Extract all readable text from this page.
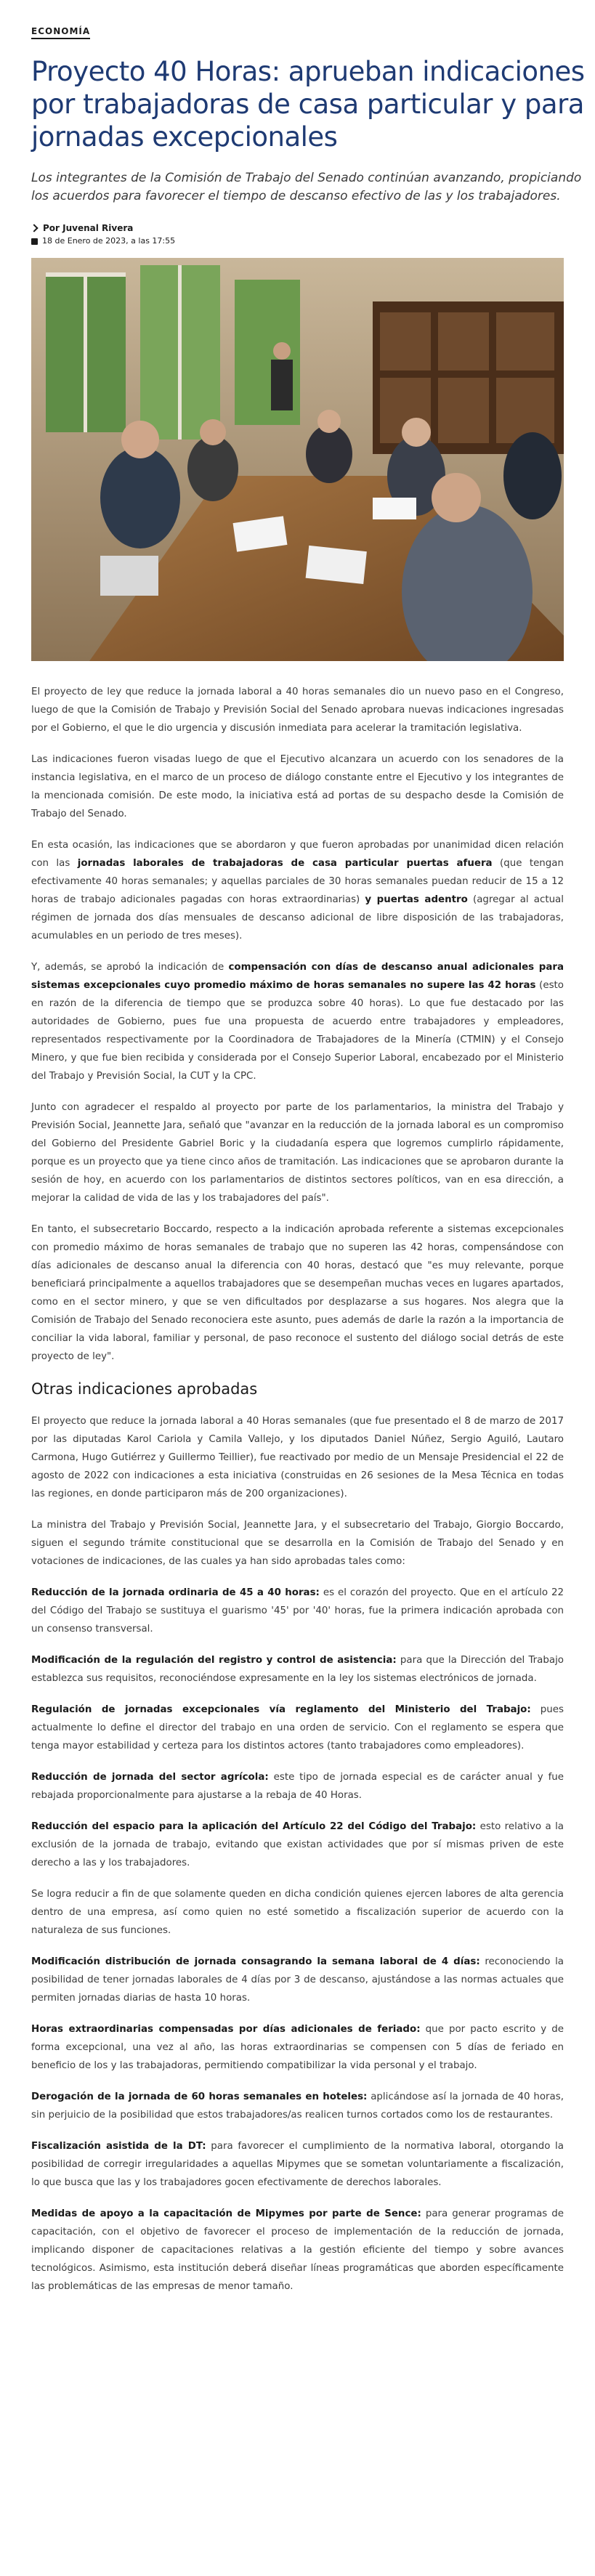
ECONOMÍA
Proyecto 40 Horas: aprueban indicaciones por trabajadoras de casa particular y para jornadas excepcionales

Los integrantes de la Comisión de Trabajo del Senado continúan avanzando, propiciando los acuerdos para favorecer el tiempo de descanso efectivo de las y los trabajadores.

Por Juvenal Rivera
18 de Enero de 2023, a las 17:55

El proyecto de ley que reduce la jornada laboral a 40 horas semanales dio un nuevo paso en el Congreso, luego de que la Comisión de Trabajo y Previsión Social del Senado aprobara nuevas indicaciones ingresadas por el Gobierno, el que le dio urgencia y discusión inmediata para acelerar la tramitación legislativa.

Las indicaciones fueron visadas luego de que el Ejecutivo alcanzara un acuerdo con los senadores de la instancia legislativa, en el marco de un proceso de diálogo constante entre el Ejecutivo y los integrantes de la mencionada comisión. De este modo, la iniciativa está ad portas de su despacho desde la Comisión de Trabajo del Senado.

En esta ocasión, las indicaciones que se abordaron y que fueron aprobadas por unanimidad dicen relación con las jornadas laborales de trabajadoras de casa particular puertas afuera (que tengan efectivamente 40 horas semanales; y aquellas parciales de 30 horas semanales puedan reducir de 15 a 12 horas de trabajo adicionales pagadas con horas extraordinarias) y puertas adentro (agregar al actual régimen de jornada dos días mensuales de descanso adicional de libre disposición de las trabajadoras, acumulables en un periodo de tres meses).

Y, además, se aprobó la indicación de compensación con días de descanso anual adicionales para sistemas excepcionales cuyo promedio máximo de horas semanales no supere las 42 horas (esto en razón de la diferencia de tiempo que se produzca sobre 40 horas). Lo que fue destacado por las autoridades de Gobierno, pues fue una propuesta de acuerdo entre trabajadores y empleadores, representados respectivamente por la Coordinadora de Trabajadores de la Minería (CTMIN) y el Consejo Minero, y que fue bien recibida y considerada por el Consejo Superior Laboral, encabezado por el Ministerio del Trabajo y Previsión Social, la CUT y la CPC.

Junto con agradecer el respaldo al proyecto por parte de los parlamentarios, la ministra del Trabajo y Previsión Social, Jeannette Jara, señaló que "avanzar en la reducción de la jornada laboral es un compromiso del Gobierno del Presidente Gabriel Boric y la ciudadanía espera que logremos cumplirlo rápidamente, porque es un proyecto que ya tiene cinco años de tramitación. Las indicaciones que se aprobaron durante la sesión de hoy, en acuerdo con los parlamentarios de distintos sectores políticos, van en esa dirección, a mejorar la calidad de vida de las y los trabajadores del país".

En tanto, el subsecretario Boccardo, respecto a la indicación aprobada referente a sistemas excepcionales con promedio máximo de horas semanales de trabajo que no superen las 42 horas, compensándose con días adicionales de descanso anual la diferencia con 40 horas, destacó que "es muy relevante, porque beneficiará principalmente a aquellos trabajadores que se desempeñan muchas veces en lugares apartados, como en el sector minero, y que se ven dificultados por desplazarse a sus hogares. Nos alegra que la Comisión de Trabajo del Senado reconociera este asunto, pues además de darle la razón a la importancia de conciliar la vida laboral, familiar y personal, de paso reconoce el sustento del diálogo social detrás de este proyecto de ley".

Otras indicaciones aprobadas

El proyecto que reduce la jornada laboral a 40 Horas semanales (que fue presentado el 8 de marzo de 2017 por las diputadas Karol Cariola y Camila Vallejo, y los diputados Daniel Núñez, Sergio Aguiló, Lautaro Carmona, Hugo Gutiérrez y Guillermo Teillier), fue reactivado por medio de un Mensaje Presidencial el 22 de agosto de 2022 con indicaciones a esta iniciativa (construidas en 26 sesiones de la Mesa Técnica en todas las regiones, en donde participaron más de 200 organizaciones).

La ministra del Trabajo y Previsión Social, Jeannette Jara, y el subsecretario del Trabajo, Giorgio Boccardo, siguen el segundo trámite constitucional que se desarrolla en la Comisión de Trabajo del Senado y en votaciones de indicaciones, de las cuales ya han sido aprobadas tales como:

Reducción de la jornada ordinaria de 45 a 40 horas: es el corazón del proyecto. Que en el artículo 22 del Código del Trabajo se sustituya el guarismo '45' por '40' horas, fue la primera indicación aprobada con un consenso transversal.

Modificación de la regulación del registro y control de asistencia: para que la Dirección del Trabajo establezca sus requisitos, reconociéndose expresamente en la ley los sistemas electrónicos de jornada.

Regulación de jornadas excepcionales vía reglamento del Ministerio del Trabajo: pues actualmente lo define el director del trabajo en una orden de servicio. Con el reglamento se espera que tenga mayor estabilidad y certeza para los distintos actores (tanto trabajadores como empleadores).

Reducción de jornada del sector agrícola: este tipo de jornada especial es de carácter anual y fue rebajada proporcionalmente para ajustarse a la rebaja de 40 Horas.

Reducción del espacio para la aplicación del Artículo 22 del Código del Trabajo: esto relativo a la exclusión de la jornada de trabajo, evitando que existan actividades que por sí mismas priven de este derecho a las y los trabajadores.

Se logra reducir a fin de que solamente queden en dicha condición quienes ejercen labores de alta gerencia dentro de una empresa, así como quien no esté sometido a fiscalización superior de acuerdo con la naturaleza de sus funciones.

Modificación distribución de jornada consagrando la semana laboral de 4 días: reconociendo la posibilidad de tener jornadas laborales de 4 días por 3 de descanso, ajustándose a las normas actuales que permiten jornadas diarias de hasta 10 horas.

Horas extraordinarias compensadas por días adicionales de feriado: que por pacto escrito y de forma excepcional, una vez al año, las horas extraordinarias se compensen con 5 días de feriado en beneficio de los y las trabajadoras, permitiendo compatibilizar la vida personal y el trabajo.

Derogación de la jornada de 60 horas semanales en hoteles: aplicándose así la jornada de 40 horas, sin perjuicio de la posibilidad que estos trabajadores/as realicen turnos cortados como los de restaurantes.

Fiscalización asistida de la DT: para favorecer el cumplimiento de la normativa laboral, otorgando la posibilidad de corregir irregularidades a aquellas Mipymes que se sometan voluntariamente a fiscalización, lo que busca que las y los trabajadores gocen efectivamente de derechos laborales.

Medidas de apoyo a la capacitación de Mipymes por parte de Sence: para generar programas de capacitación, con el objetivo de favorecer el proceso de implementación de la reducción de jornada, implicando disponer de capacitaciones relativas a la gestión eficiente del tiempo y sobre avances tecnológicos. Asimismo, esta institución deberá diseñar líneas programáticas que aborden específicamente las problemáticas de las empresas de menor tamaño.
